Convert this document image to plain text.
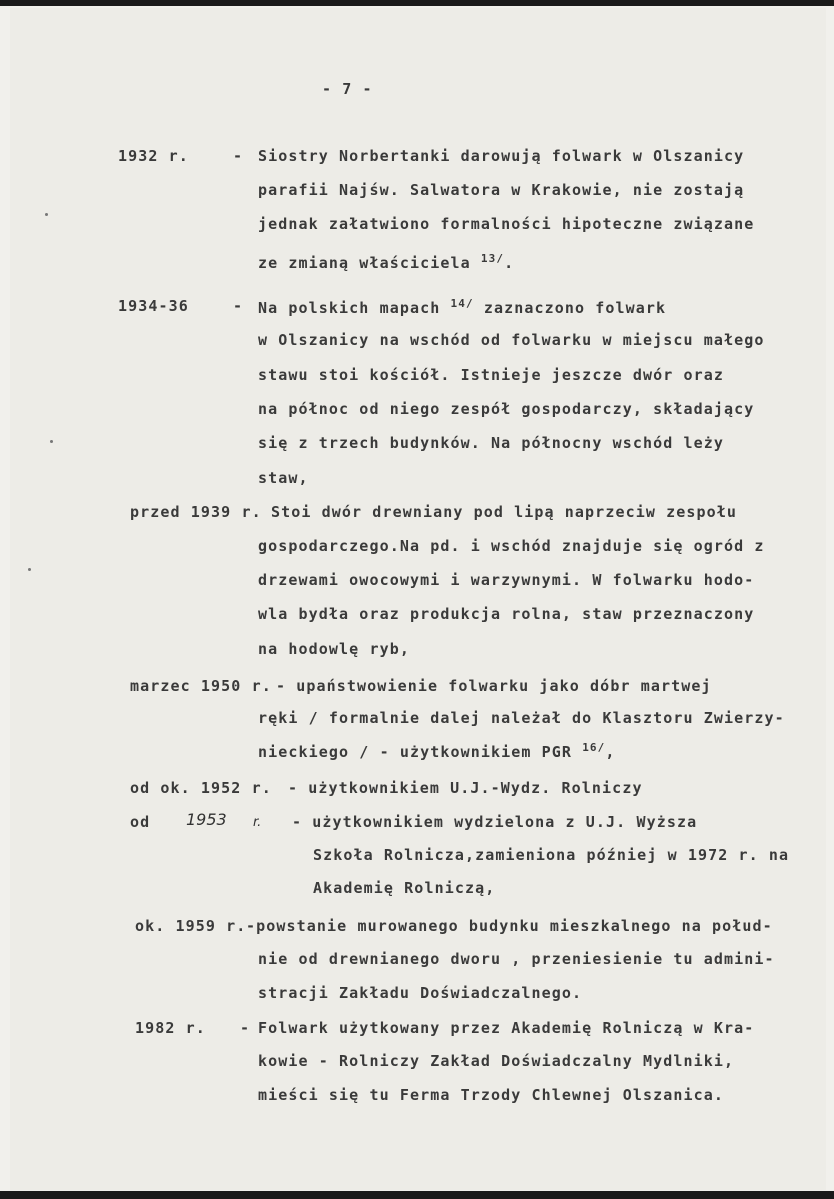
- 7 -
1932 r.	- Siostry Norbertanki darowują folwark w Olszanicy
parafii Najśw. Salwatora w Krakowie, nie zostają
jednak załatwiono formalności hipoteczne związane
ze zmianą właściciela $^{13/}$.
1934-36	- Na polskich mapach $^{14/}$ zaznaczono folwark
w Olszanicy na wschód od folwarku w miejscu małego
stawu stoi kościół. Istnieje jeszcze dwór oraz
na północ od niego zespół gospodarczy, składający
się z trzech budynków. Na północny wschód leży
staw,
przed 1939 r. Stoi dwór drewniany pod lipą naprzeciw zespołu
gospodarczego.Na pd. i wschód znajduje się ogród z
drzewami owocowymi i warzywnymi. W folwarku hodo-
wla bydła oraz produkcja rolna, staw przeznaczony
na hodowlę ryb,
marzec 1950 r. - upaństwowienie folwarku jako dóbr martwej
ręki / formalnie dalej należał do Klasztoru Zwierzy-
nieckiego / - użytkownikiem PGR $^{16/}$,
od ok. 1952 r. - użytkownikiem U.J.-Wydz. Rolniczy
od 1953 r. - użytkownikiem wydzielona z U.J. Wyższa
Szkoła Rolnicza,zamieniona później w 1972 r. na
Akademię Rolniczą,
ok. 1959 r. -powstanie murowanego budynku mieszkalnego na połud-
nie od drewnianego dworu , przeniesienie tu admini-
stracji Zakładu Doświadczalnego.
1982 r. - Folwark użytkowany przez Akademię Rolniczą w Kra-
kowie - Rolniczy Zakład Doświadczalny Mydlniki,
mieści się tu Ferma Trzody Chlewnej Olszanica.
